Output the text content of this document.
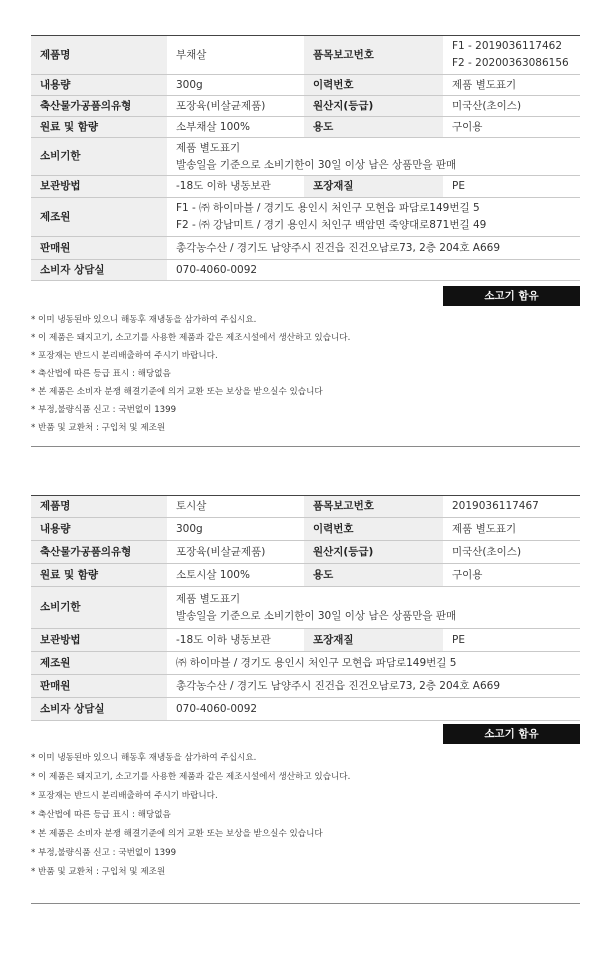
제품명	부채살	품목보고번호	F1 - 2019036117462
F2 - 20200363086156

내용량	300g	이력번호	제품 별도표기
축산물가공품의유형	포장육(비살균제품)	원산지(등급)	미국산(초이스)
원료 및 함량	소부채살 100%	용도	구이용
소비기한	제품 별도표기
발송일을 기준으로 소비기한이 30일 이상 남은 상품만을 판매		

보관방법	-18도 이하 냉동보관	포장재질	PE
제조원	F1 - ㈜ 하이마블 / 경기도 용인시 처인구 모현읍 파담로149번길 5
F2 - ㈜ 강남미트 / 경기 용인시 처인구 백암면 죽양대로871번길 49		

판매원	총각농수산 / 경기도 남양주시 진건읍 진건오남로73, 2층 204호 A669		
소비자 상담실	070-4060-0092		
소고기 함유
* 이미 냉동된바 있으니 해동후 재냉동을 삼가하여 주십시요.
* 이 제품은 돼지고기, 소고기를 사용한 제품과 같은 제조시설에서 생산하고 있습니다.
* 포장재는 반드시 분리배출하여 주시기 바랍니다.
* 축산법에 따른 등급 표시 : 해당없음
* 본 제품은 소비자 분쟁 해결기준에 의거 교환 또는 보상을 받으실수 있습니다
* 부정,불량식품 신고 : 국번없이 1399
* 반품 및 교환처 : 구입처 및 제조원
제품명	토시살	품목보고번호	2019036117467
내용량	300g	이력번호	제품 별도표기
축산물가공품의유형	포장육(비살균제품)	원산지(등급)	미국산(초이스)
원료 및 함량	소토시살 100%	용도	구이용
소비기한	제품 별도표기
발송일을 기준으로 소비기한이 30일 이상 남은 상품만을 판매		

보관방법	-18도 이하 냉동보관	포장재질	PE
제조원	㈜ 하이마블 / 경기도 용인시 처인구 모현읍 파담로149번길 5		
판매원	총각농수산 / 경기도 남양주시 진건읍 진건오남로73, 2층 204호 A669		
소비자 상담실	070-4060-0092		
소고기 함유
* 이미 냉동된바 있으니 해동후 재냉동을 삼가하여 주십시요.
* 이 제품은 돼지고기, 소고기를 사용한 제품과 같은 제조시설에서 생산하고 있습니다.
* 포장재는 반드시 분리배출하여 주시기 바랍니다.
* 축산법에 따른 등급 표시 : 해당없음
* 본 제품은 소비자 분쟁 해결기준에 의거 교환 또는 보상을 받으실수 있습니다
* 부정,불량식품 신고 : 국번없이 1399
* 반품 및 교환처 : 구입처 및 제조원
